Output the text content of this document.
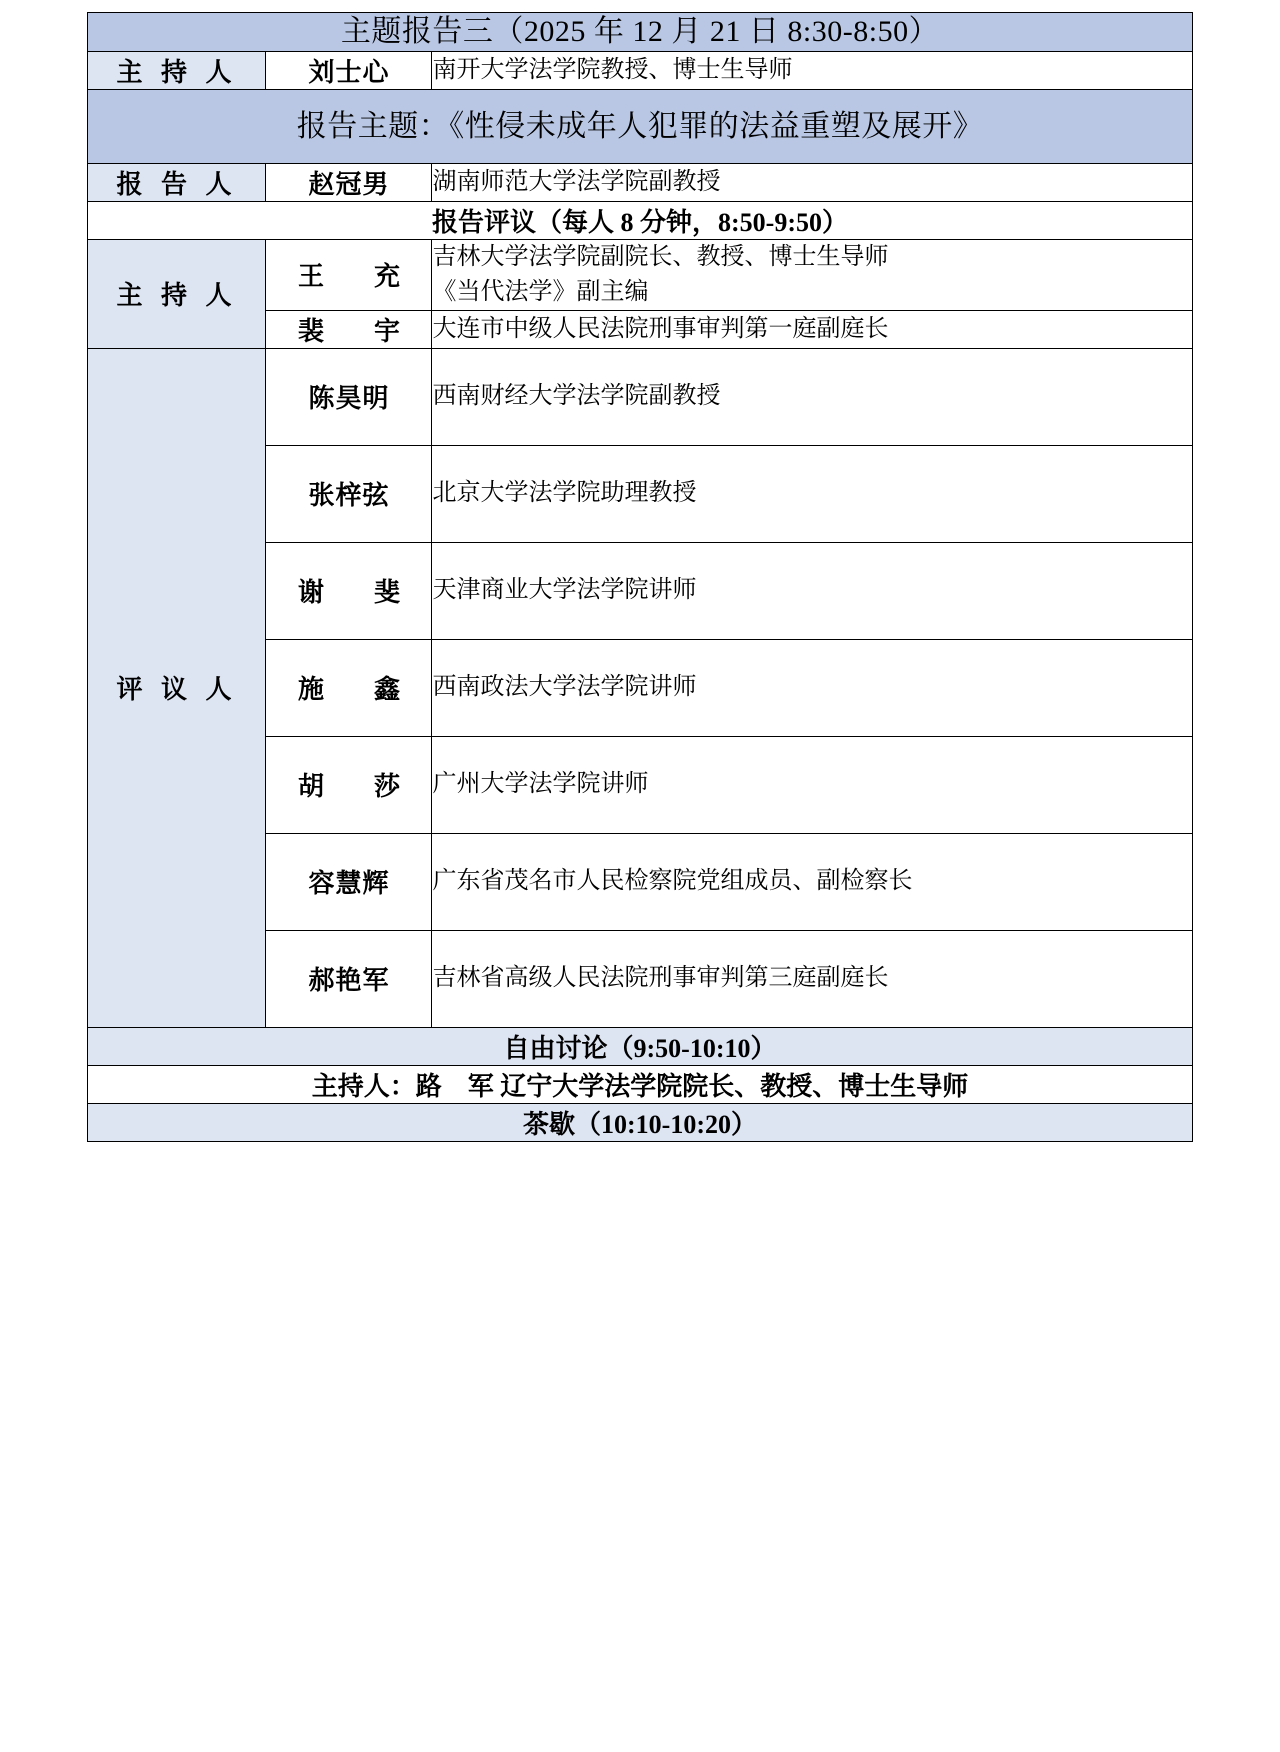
主题报告三（2025 年 12 月 21 日 8:30-8:50）		
主 持 人	刘士心	南开大学法学院教授、博士生导师
报告主题：《性侵未成年人犯罪的法益重塑及展开》		
报 告 人	赵冠男	湖南师范大学法学院副教授
报告评议（每人 8 分钟，8:50-9:50）		
主 持 人	王　充	吉林大学法学院副院长、教授、博士生导师
《当代法学》副主编

	裴　宇	大连市中级人民法院刑事审判第一庭副庭长
评 议 人	陈昊明	西南财经大学法学院副教授
	张梓弦	北京大学法学院助理教授
	谢　斐	天津商业大学法学院讲师
	施　鑫	西南政法大学法学院讲师
	胡　莎	广州大学法学院讲师
	容慧辉	广东省茂名市人民检察院党组成员、副检察长
	郝艳军	吉林省高级人民法院刑事审判第三庭副庭长
自由讨论（9:50-10:10）		
主持人：路　军 辽宁大学法学院院长、教授、博士生导师		
茶歇（10:10-10:20）		
